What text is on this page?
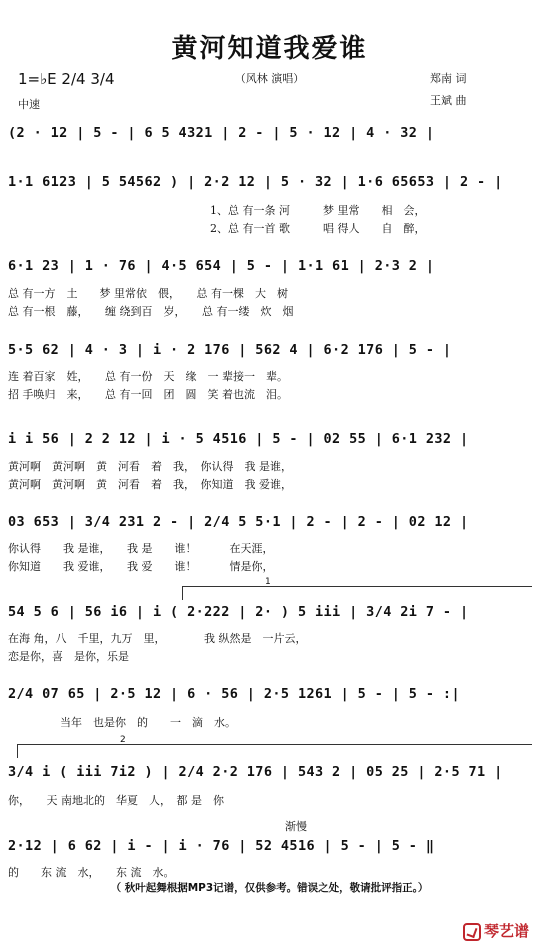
黄河知道我爱谁
（风林 演唱）
1=♭E 2/4 3/4
中速
郑南 词
王斌 曲
(2 · 12 | 5 - | 6 5 4321 | 2 - | 5 · 12 | 4 · 32 |
1·1 6123 | 5 54562 ) | 2·2 12 | 5 · 32 | 1·6 65653 | 2 - |
1、总 有一条 河　　　梦 里常　　相　会，
2、总 有一首 歌　　　唱 得人　　自　醉，
6·1 23 | 1 · 76 | 4·5 654 | 5 - | 1·1 61 | 2·3 2 |
总 有一方　土　　梦 里常依　偎，　　总 有一棵　大　树
总 有一根　藤，　　缠 绕到百　岁，　　总 有一缕　炊　烟
5·5 62 | 4 · 3 | i · 2 176 | 562 4 | 6·2 176 | 5 - |
连 着百家　姓，　　总 有一份　天　缘　一 辈接一　辈。
招 手唤归　来，　　总 有一回　团　圆　笑 着也流　泪。
i i 56 | 2 2 12 | i · 5 4516 | 5 - | 02 55 | 6·1 232 |
黄河啊　黄河啊　黄　河看　着　我，　你认得　我 是谁，
黄河啊　黄河啊　黄　河看　着　我，　你知道　我 爱谁，
03 653 | 3/4 231 2 - | 2/4 5 5·1 | 2 - | 2 - | 02 12 |
你认得　　我 是谁，　　我 是　　谁！　　　在天涯，
你知道　　我 爱谁，　　我 爱　　谁！　　　情是你，
1
54 5 6 | 56 i6 | i ( 2·222 | 2· ) 5 iii | 3/4 2i 7 - |
在海 角，八　千里，九万　里，　　　　我 纵然是　一片云，
恋是你，喜　是你，乐是
2/4 07 65 | 2·5 12 | 6 · 56 | 2·5 1261 | 5 - | 5 - :|
当年　也是你　的　　一　滴　水。
2
3/4 i ( iii 7i2 ) | 2/4 2·2 176 | 543 2 | 05 25 | 2·5 71 |
你，　　天 南地北的　华夏　人，　都 是　你
渐慢
2·12 | 6 62 | i - | i · 76 | 52 4516 | 5 - | 5 - ‖
的　　东 流　水，　　东 流　水。
（ 秋叶起舞根据MP3记谱，仅供参考。错误之处，敬请批评指正。）
琴艺谱
